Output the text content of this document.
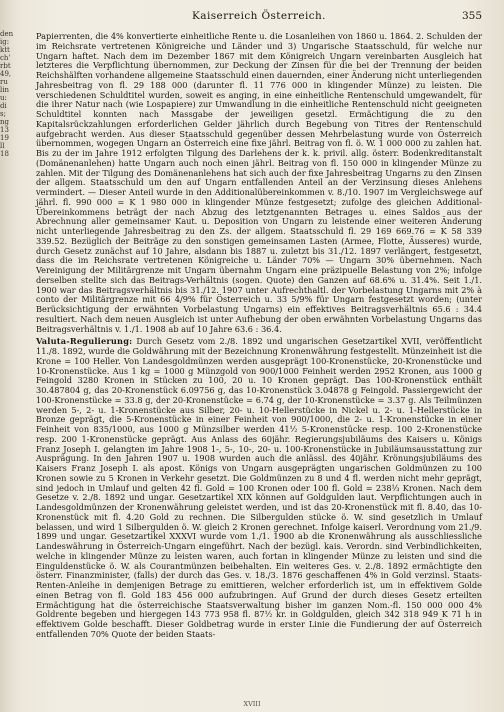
den
ig:
ktt
ch'
rbt
49,
ru
lin
u:
di
s;
ng
13
19
ll
18
Kaiserreich Österreich.	355

Papierrenten, die 4% konvertierte einheitliche Rente u. die Losanleihen von 1860 u. 1864. 2. Schulden der im Reichsrate vertretenen Königreiche und Länder und 3) Ungarische Staatsschuld, für welche nur Ungarn haftet. Nach dem im Dezember 1867 mit dem Königreich Ungarn vereinbarten Ausgleich hat letzteres die Verpflichtung übernommen, zur Deckung der Zinsen für die bei der Trennung der beiden Reichshälften vorhandene allgemeine Staatsschuld einen dauernden, einer Änderung nicht unterliegenden Jahresbeitrag von fl. 29 188 000 (darunter fl. 11 776 000 in klingender Münze) zu leisten. Die verschiedenen Schuldtitel wurden, soweit es anging, in eine einheitliche Rentenschuld umgewandelt, für die ihrer Natur nach (wie Lospapiere) zur Umwandlung in die einheitliche Rentenschuld nicht geeigneten Schuldtitel konnten nach Massgabe der jeweiligen gesetzl. Ermächtigung die zu den Kapitalsrückzahlungen erforderlichen Gelder jährlich durch Begebung von Titres der Rentenschuld aufgebracht werden. Aus dieser Staatsschuld gegenüber dessen Mehrbelastung wurde von Österreich übernommen, wogegen Ungarn an Österreich eine fixe jährl. Beitrag von fl. ö. W. 1 000 000 zu zahlen hat. Bis zu der im Jahre 1912 erfolgten Tilgung des Darlehens der k. k. privil. allg. österr. Bodenkreditanstalt (Domänenanlehen) hatte Ungarn auch noch einen jährl. Beitrag von fl. 150 000 in klingender Münze zu zahlen. Mit der Tilgung des Domänenanlehens hat sich auch der fixe Jahresbeitrag Ungarns zu den Zinsen der allgem. Staatsschuld um den auf Ungarn entfallenden Anteil an der Verzinsung dieses Anlehens vermindert. — Dieser Anteil wurde in den Additionalübereinkommen v. 8./10. 1907 im Vergleichswege auf jährl. fl. 990 000 = K 1 980 000 in klingender Münze festgesetzt; zufolge des gleichen Additional-Übereinkommens beträgt der nach Abzug des letztgenannten Betrages u. eines Saldos aus der Abrechnung aller gemeinsamer Kaut. u. Deposition von Ungarn zu leistende einer weiteren Änderung nicht unterliegende Jahresbeitrag zu den Zs. der allgem. Staatsschuld fl. 29 169 669.76 = K 58 339 339.52. Bezüglich der Beiträge zu den sonstigen gemeinsamen Lasten (Armee, Flotte, Äusseres) wurde, durch Gesetz zunächst auf 10 Jahre, alsdann bis 1887 u. zuletzt bis 31./12. 1897 verlängert, festgesetzt, dass die im Reichsrate vertretenen Königreiche u. Länder 70% — Ungarn 30% übernehmen. Nach Vereinigung der Militärgrenze mit Ungarn übernahm Ungarn eine präzipuelle Belastung von 2%; infolge derselben stellte sich das Beitrags-Verhältnis (sogen. Quote) den Ganzen auf 68.6% u. 31.4%. Seit 1./1. 1900 war das Beitragsverhältnis bis 31./12. 1907 unter Aufrechthaltl. der Vorbelastung Ungarns mit 2% à conto der Militärgrenze mit 66 4/9% für Österreich u. 33 5/9% für Ungarn festgesetzt worden; (unter Berücksichtigung der erwähnten Vorbelastung Ungarns) ein effektives Beitragsverhältnis 65.6 : 34.4 resultiert. Nach dem neuen Ausgleich ist unter Aufhebung der oben erwähnten Vorbelastung Ungarns das Beitragsverhältnis v. 1./1. 1908 ab auf 10 Jahre 63.6 : 36.4.

Valuta-Regulierung: Durch Gesetz vom 2./8. 1892 und ungarischen Gesetzartikel XVII, veröffentlicht 11./8. 1892, wurde die Goldwährung mit der Bezeichnung Kronenwährung festgestellt. Münzeinheit ist die Krone = 100 Heller. Von Landesgoldmünzen werden ausgeprägt 100-Kronenstücke, 20-Kronenstücke und 10-Kronenstücke. Aus 1 kg = 1000 g Münzgold von 900/1000 Feinheit werden 2952 Kronen, aus 1000 g Feingold 3280 Kronen in Stücken zu 100, 20 u. 10 Kronen geprägt. Das 100-Kronenstück enthält 30.487804 g, das 20-Kronenstück 6.09756 g, das 10-Kronenstück 3.04878 g Feingold. Passiergewicht der 100-Kronenstücke = 33.8 g, der 20-Kronenstücke = 6.74 g, der 10-Kronenstücke = 3.37 g. Als Teilmünzen werden 5-, 2- u. 1-Kronenstücke aus Silber, 20- u. 10-Hellerstücke in Nickel u. 2- u. 1-Hellerstücke in Bronze geprägt, die 5-Kronenstücke in einer Feinheit von 900/1000, die 2- u. 1-Kronenstücke in einer Feinheit von 835/1000, aus 1000 g Münzsilber werden 41½ 5-Kronenstücke resp. 100 2-Kronenstücke resp. 200 1-Kronenstücke geprägt. Aus Anlass des 60jähr. Regierungsjubiläums des Kaisers u. Königs Franz Joseph I. gelangten im Jahre 1908 1-, 5-, 10-, 20- u. 100-Kronenstücke in Jubiläumsausstattung zur Ausprägung. In den Jahren 1907 u. 1908 wurden auch die anlässl. des 40jähr. Krönungsjubiläums des Kaisers Franz Joseph I. als apost. Königs von Ungarn ausgeprägten ungarischen Goldmünzen zu 100 Kronen sowie zu 5 Kronen in Verkehr gesetzt. Die Goldmünzen zu 8 und 4 fl. werden nicht mehr geprägt, sind jedoch in Umlauf und gelten 42 fl. Gold = 100 Kronen oder 100 fl. Gold = 238⅓ Kronen. Nach dem Gesetze v. 2./8. 1892 und ungar. Gesetzartikel XIX können auf Goldgulden laut. Verpflichtungen auch in Landesgoldmünzen der Kronenwährung geleistet werden, und ist das 20-Kronenstück mit fl. 8.40, das 10-Kronenstück mit fl. 4.20 Gold zu rechnen. Die Silbergulden stücke ö. W. sind gesetzlich in Umlauf belassen, und wird 1 Silbergulden ö. W. gleich 2 Kronen gerechnet. Infolge kaiserl. Verordnung vom 21./9. 1899 und ungar. Gesetzartikel XXXVI wurde vom 1./1. 1900 ab die Kronenwährung als ausschliessliche Landeswährung in Österreich-Ungarn eingeführt. Nach der bezügl. kais. Verordn. sind Verbindlichkeiten, welche in klingender Münze zu leisten waren, auch fortan in klingender Münze zu leisten und sind die Einguldenstücke ö. W. als Courantmünzen beibehalten. Ein weiteres Ges. v. 2./8. 1892 ermächtigte den österr. Finanzminister, (falls) der durch das Ges. v. 18./3. 1876 geschaffenen 4% in Gold verzinsl. Staats-Renten-Anleihe in demjenigen Betrage zu emittieren, welcher erforderlich ist, um in effektivem Golde einen Betrag von fl. Gold 183 456 000 aufzubringen. Auf Grund der durch dieses Gesetz erteilten Ermächtigung hat die österreichische Staatsverwaltung bisher im ganzen Nom.-fl. 150 000 000 4% Goldrente begeben und hiergegen 143 773 958 fl. 87½ kr. in Goldgulden, gleich 342 318 949 K 71 h in effektivem Golde beschafft. Dieser Goldbetrag wurde in erster Linie die Fundierung der auf Österreich entfallenden 70% Quote der beiden Staats-

XVIII
